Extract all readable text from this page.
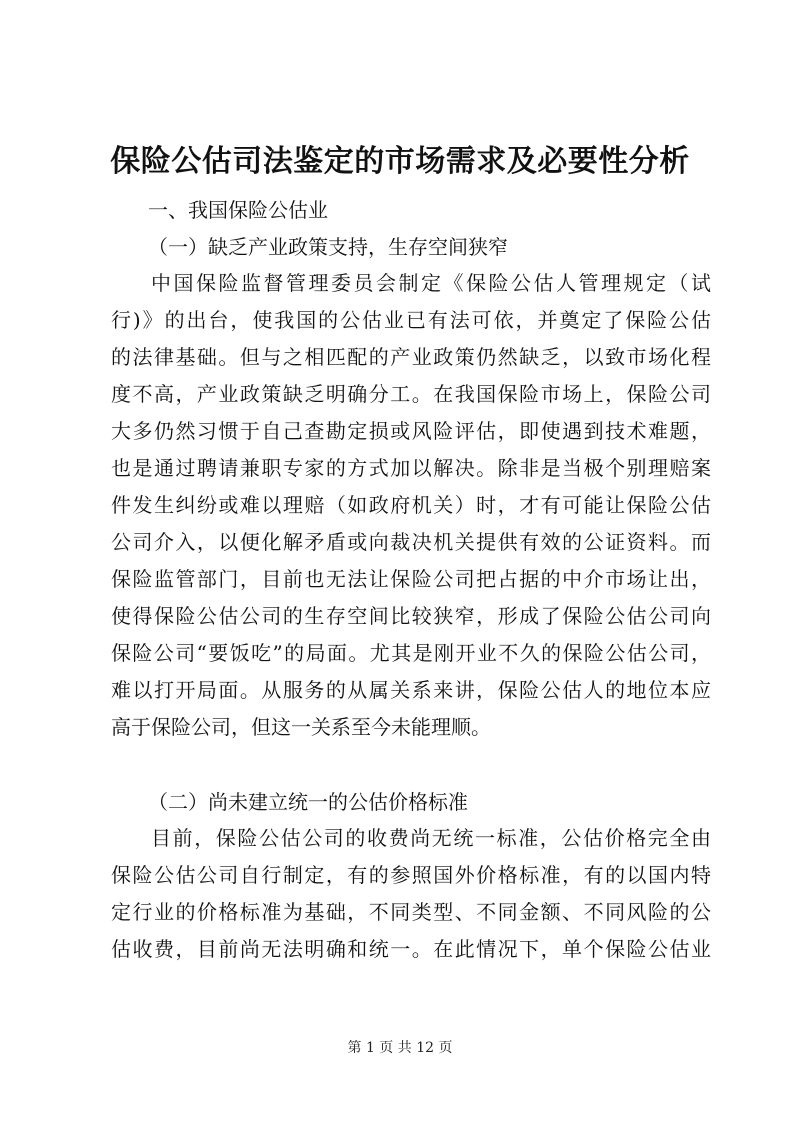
保险公估司法鉴定的市场需求及必要性分析
一、我国保险公估业
（一）缺乏产业政策支持，生存空间狭窄
中国保险监督管理委员会制定《保险公估人管理规定（试
行)》的出台，使我国的公估业已有法可依，并奠定了保险公估
的法律基础。但与之相匹配的产业政策仍然缺乏，以致市场化程
度不高，产业政策缺乏明确分工。在我国保险市场上，保险公司
大多仍然习惯于自己查勘定损或风险评估，即使遇到技术难题，
也是通过聘请兼职专家的方式加以解决。除非是当极个别理赔案
件发生纠纷或难以理赔（如政府机关）时，才有可能让保险公估
公司介入，以便化解矛盾或向裁决机关提供有效的公证资料。而
保险监管部门，目前也无法让保险公司把占据的中介市场让出，
使得保险公估公司的生存空间比较狭窄，形成了保险公估公司向
保险公司“要饭吃”的局面。尤其是刚开业不久的保险公估公司，
难以打开局面。从服务的从属关系来讲，保险公估人的地位本应
高于保险公司，但这一关系至今未能理顺。
（二）尚未建立统一的公估价格标准
目前，保险公估公司的收费尚无统一标准，公估价格完全由
保险公估公司自行制定，有的参照国外价格标准，有的以国内特
定行业的价格标准为基础，不同类型、不同金额、不同风险的公
估收费，目前尚无法明确和统一。在此情况下，单个保险公估业
第 1 页 共 12 页
